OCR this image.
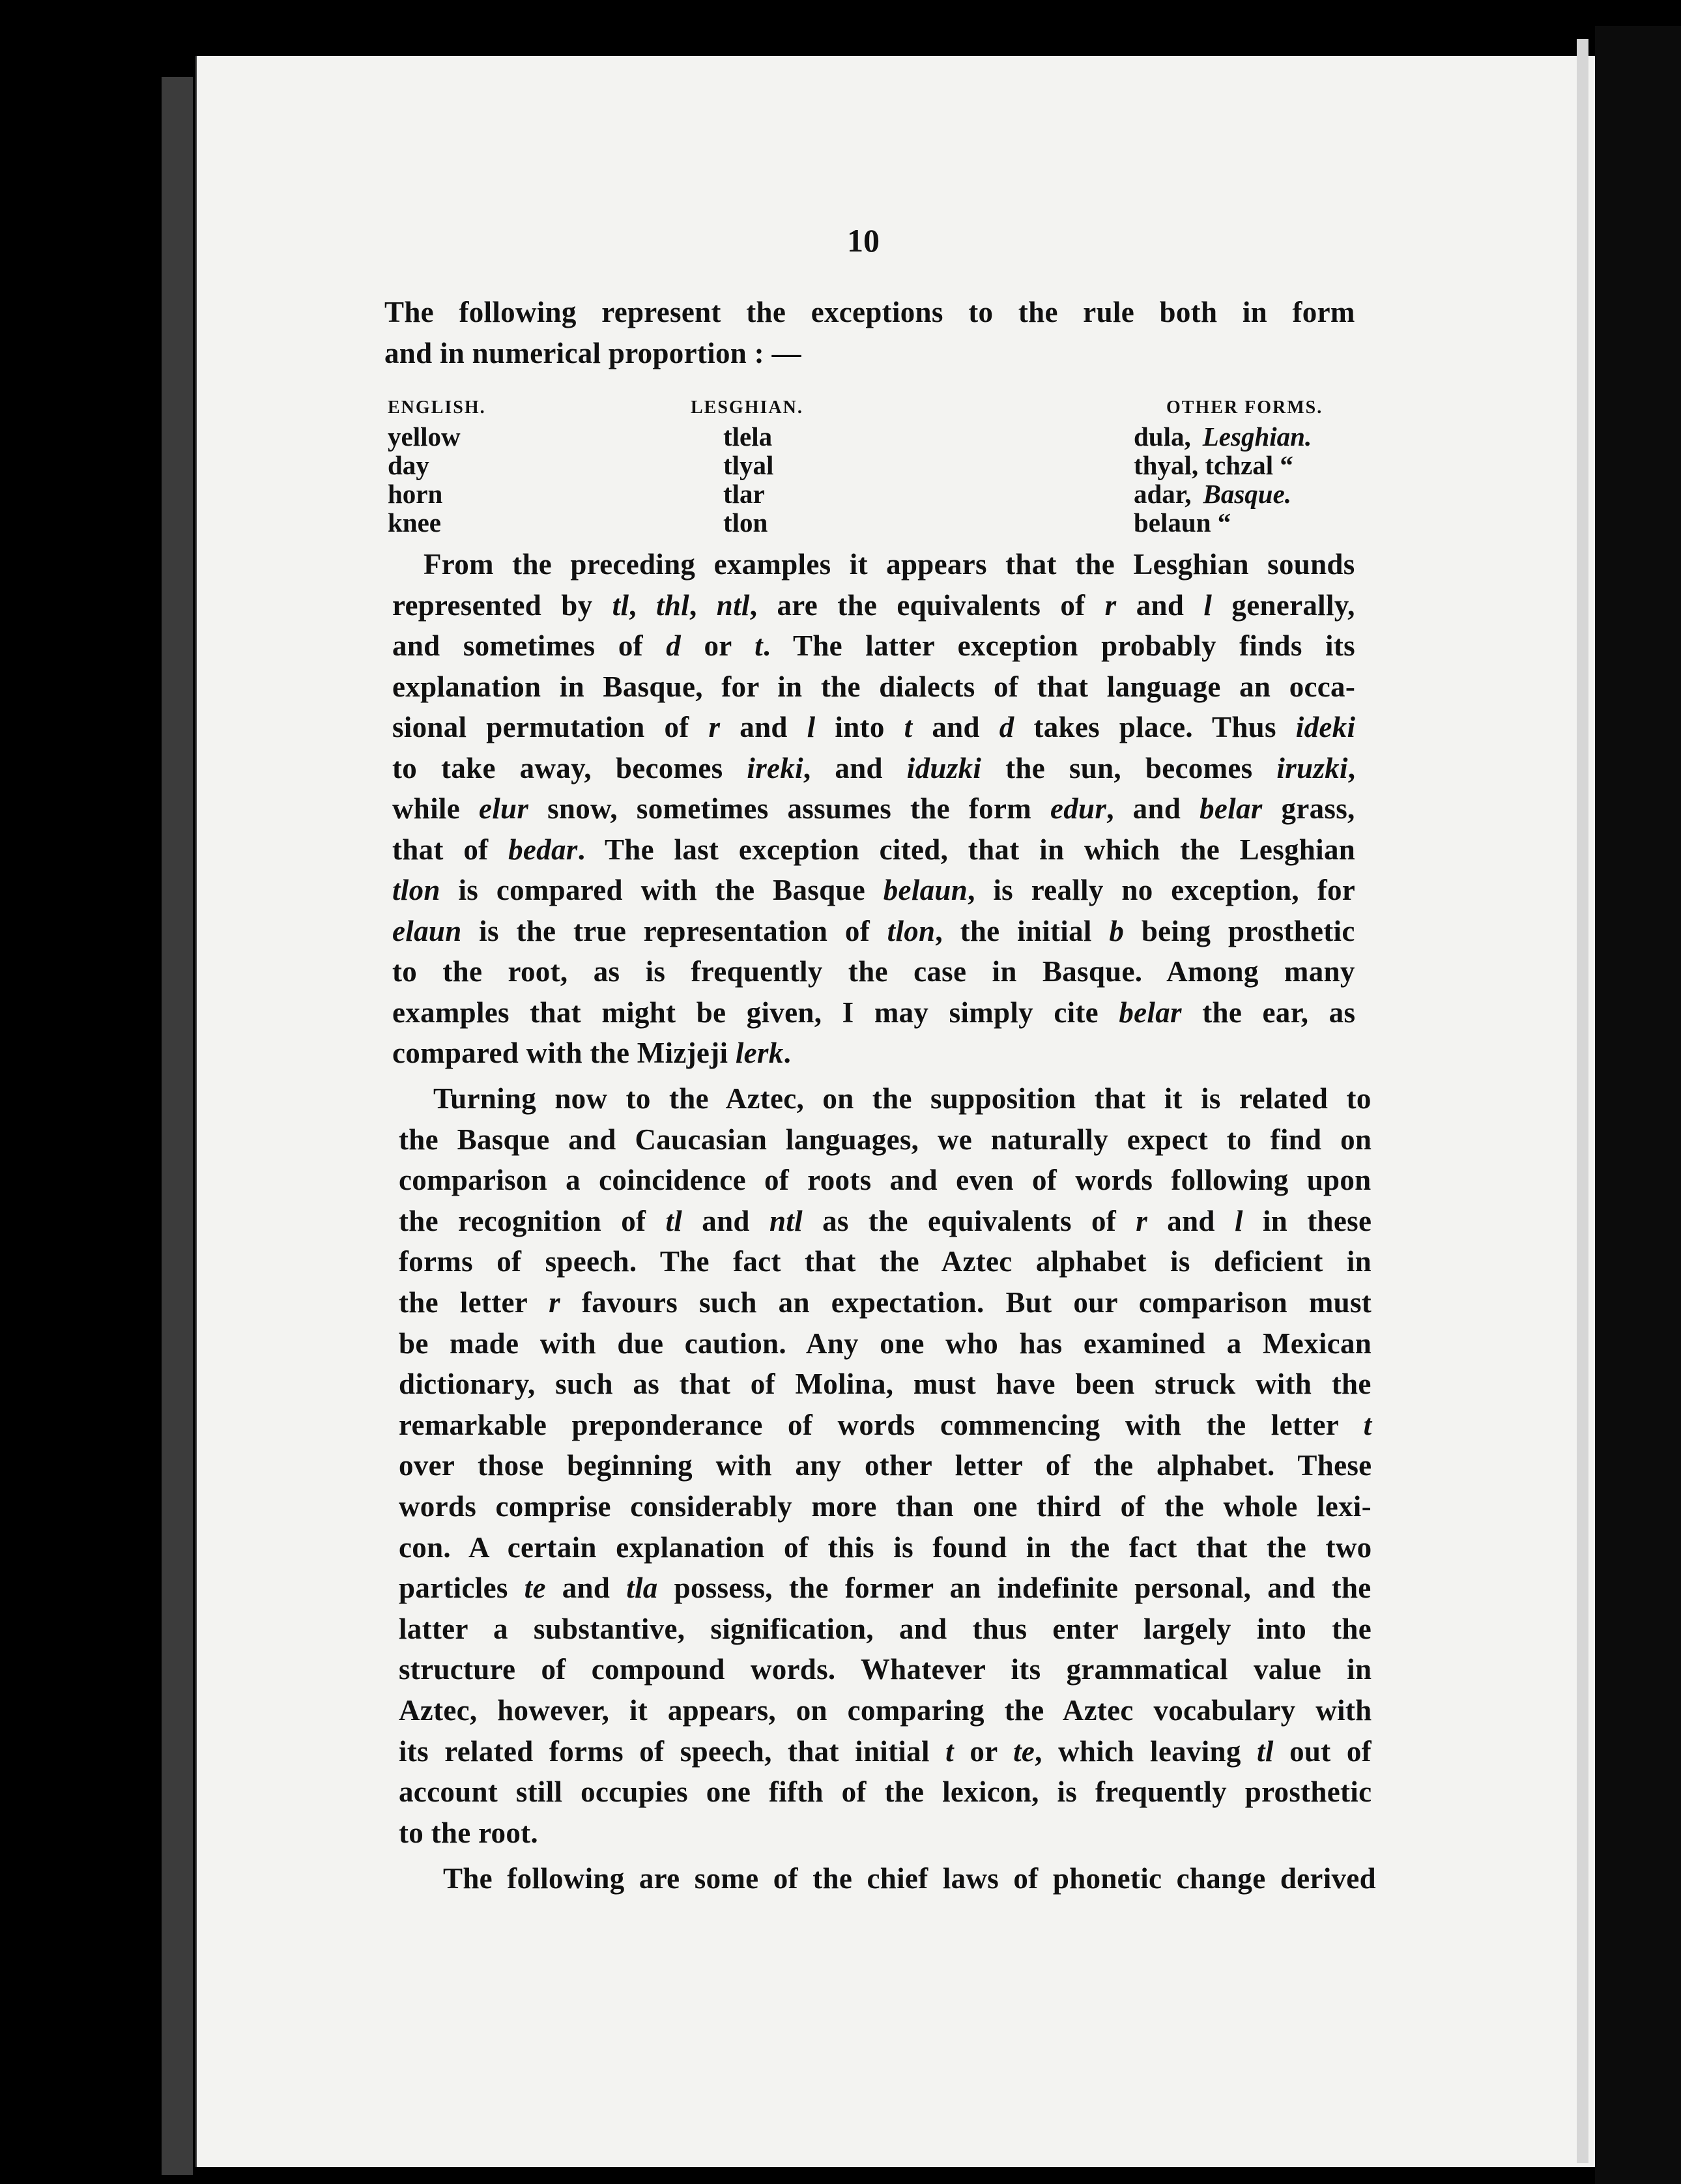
10
The following represent the exceptions to the rule both in form
and in numerical proportion : —
ENGLISH.	LESGHIAN.	OTHER FORMS.
yellow	tlela	dula, Lesghian.
day	tlyal	thyal, tchzal “
horn	tlar	adar, Basque.
knee	tlon	belaun “
From the preceding examples it appears that the Lesghian sounds
represented by tl, thl, ntl, are the equivalents of r and l generally,
and sometimes of d or t. The latter exception probably finds its
explanation in Basque, for in the dialects of that language an occa-
sional permutation of r and l into t and d takes place. Thus ideki
to take away, becomes ireki, and iduzki the sun, becomes iruzki,
while elur snow, sometimes assumes the form edur, and belar grass,
that of bedar. The last exception cited, that in which the Lesghian
tlon is compared with the Basque belaun, is really no exception, for
elaun is the true representation of tlon, the initial b being prosthetic
to the root, as is frequently the case in Basque. Among many
examples that might be given, I may simply cite belar the ear, as
compared with the Mizjeji lerk.
Turning now to the Aztec, on the supposition that it is related to
the Basque and Caucasian languages, we naturally expect to find on
comparison a coincidence of roots and even of words following upon
the recognition of tl and ntl as the equivalents of r and l in these
forms of speech. The fact that the Aztec alphabet is deficient in
the letter r favours such an expectation. But our comparison must
be made with due caution. Any one who has examined a Mexican
dictionary, such as that of Molina, must have been struck with the
remarkable preponderance of words commencing with the letter t
over those beginning with any other letter of the alphabet. These
words comprise considerably more than one third of the whole lexi-
con. A certain explanation of this is found in the fact that the two
particles te and tla possess, the former an indefinite personal, and the
latter a substantive, signification, and thus enter largely into the
structure of compound words. Whatever its grammatical value in
Aztec, however, it appears, on comparing the Aztec vocabulary with
its related forms of speech, that initial t or te, which leaving tl out of
account still occupies one fifth of the lexicon, is frequently prosthetic
to the root.
The following are some of the chief laws of phonetic change derived
